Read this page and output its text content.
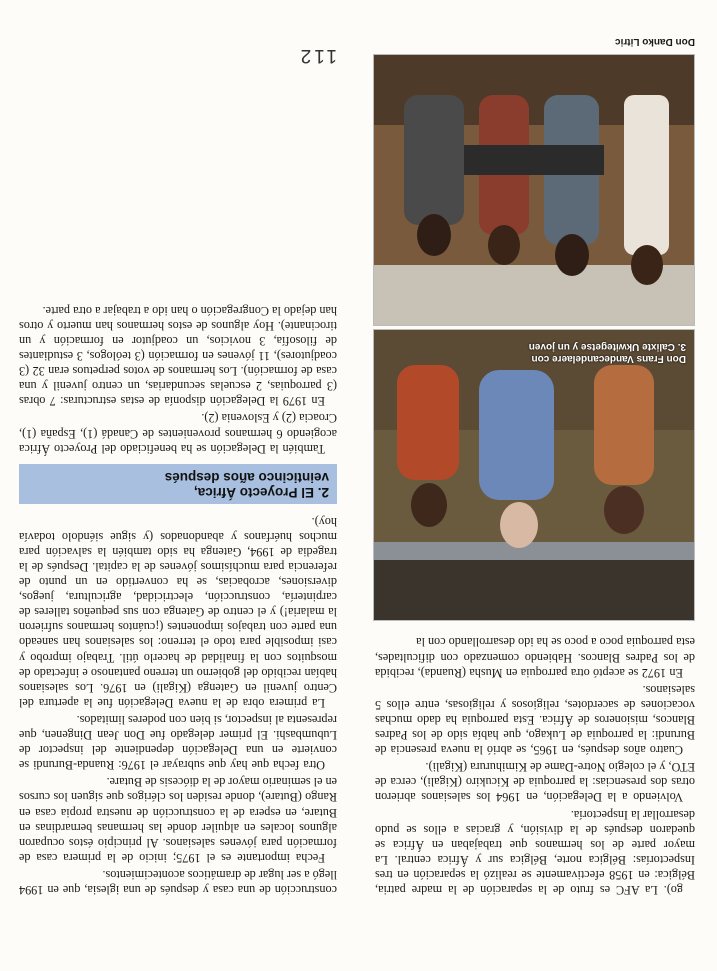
go). La AFC es fruto de la separación de la madre patria, Bélgica: en 1958 efectivamente se realizó la separación en tres Inspectorías: Bélgica norte, Bélgica sur y África central. La mayor parte de los hermanos que trabajaban en África se quedaron después de la división, y gracias a ellos se pudo desarrollar la Inspectoría.

Volviendo a la Delegación, en 1964 los salesianos abrieron otras dos presencias: la parroquia de Kicukiro (Kigali), cerca de ETO, y el colegio Notre-Dame de Kimihurura (Kigali).

Cuatro años después, en 1965, se abrió la nueva presencia de Burundi: la parroquia de Lukago, que había sido de los Padres Blancos, misioneros de África. Esta parroquia ha dado muchas vocaciones de sacerdotes, religiosos y religiosas, entre ellos 5 salesianos.

En 1972 se aceptó otra parroquia en Musha (Ruanda), recibida de los Padres Blancos. Habiendo comenzado con dificultades, esta parroquia poco a poco se ha ido desarrollando con la

Don Frans Vandecandelaere con
3. Calixte Ukwitegetse y un joven
Don Danko Litric

construcción de una casa y después de una iglesia, que en 1994 llegó a ser lugar de dramáticos acontecimientos.

Fecha importante es el 1975; inicio de la primera casa de formación para jóvenes salesianos. Al principio éstos ocuparon algunos locales en alquiler donde las hermanas bernardinas en Butare, en espera de la construcción de nuestra propia casa en Rango (Butare), donde residen los clérigos que siguen los cursos en el seminario mayor de la diócesis de Butare.

Otra fecha que hay que subrayar el 1976: Ruanda-Burundi se convierte en una Delegación dependiente del inspector de Lubumbashi. El primer delegado fue Don Jean Dingenen, que representa al inspector, si bien con poderes limitados.

La primera obra de la nueva Delegación fue la apertura del Centro juvenil en Gatenga (Kigali) en 1976. Los salesianos habían recibido del gobierno un terreno pantanoso e infectado de mosquitos con la finalidad de hacerlo útil. Trabajo improbo y casi imposible para todo el terreno: los salesianos han saneado una parte con trabajos imponentes (¡cuántos hermanos sufrieron la malaria!) y el centro de Gatenga con sus pequeños talleres de carpintería, construcción, electricidad, agricultura, juegos, diversiones, acrobacias, se ha convertido en un punto de referencia para muchísimos jóvenes de la capital. Después de la tragedia de 1994, Gatenga ha sido también la salvación para muchos huérfanos y abandonados (y sigue siéndolo todavía hoy).

2. El Proyecto África,
veinticinco años después

También la Delegación se ha beneficiado del Proyecto África acogiendo 6 hermanos provenientes de Canadá (1), España (1), Croacia (2) y Eslovenia (2).

En 1979 la Delegación disponía de estas estructuras: 7 obras (3 parroquias, 2 escuelas secundarias, un centro juvenil y una casa de formación). Los hermanos de votos perpetuos eran 32 (3 coadjutores), 11 jóvenes en formación (3 teólogos, 3 estudiantes de filosofía, 3 novicios, un coadjutor en formación y un tirocinante). Hoy algunos de estos hermanos han muerto y otros han dejado la Congregación o han ido a trabajar a otra parte.

112
